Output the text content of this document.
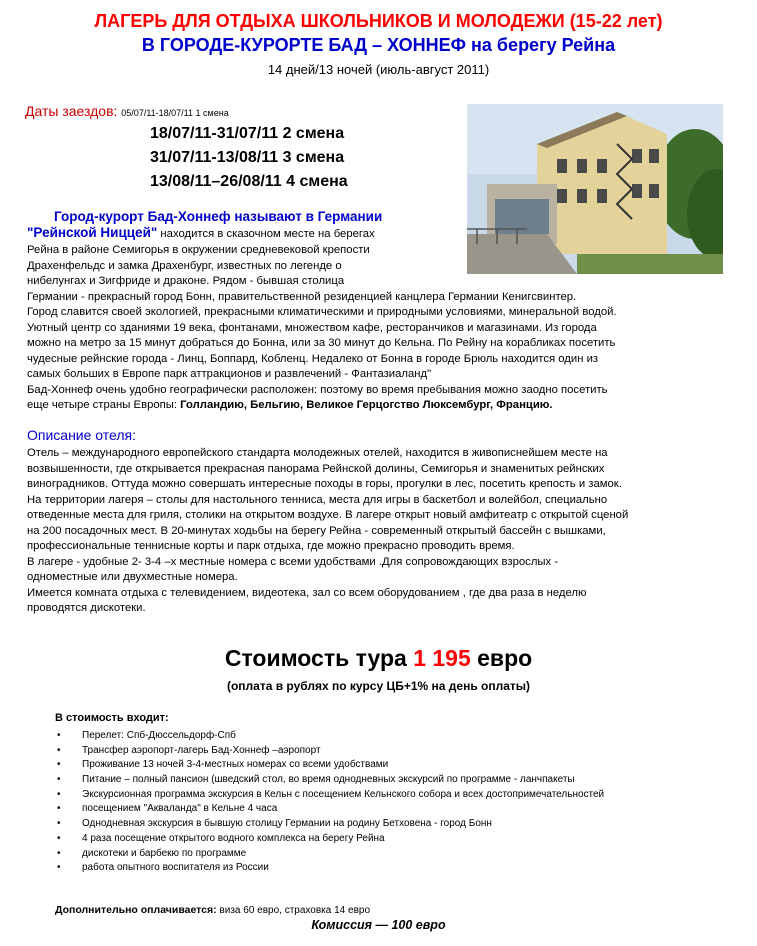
ЛАГЕРЬ ДЛЯ ОТДЫХА ШКОЛЬНИКОВ И МОЛОДЕЖИ (15-22 лет)
В ГОРОДЕ-КУРОРТЕ БАД – ХОННЕФ на берегу Рейна
14 дней/13 ночей (июль-август 2011)
Даты заездов: 05/07/11-18/07/11 1 смена
18/07/11-31/07/11 2 смена
31/07/11-13/08/11 3 смена
13/08/11–26/08/11 4 смена
Город-курорт Бад-Хоннеф называют в Германии
"Рейнской Ниццей" находится в сказочном месте на берегах
Рейна в районе Семигорья в окружении средневековой крепости
Драхенфельдс и замка Драхенбург, известных по легенде о
нибелунгах и Зигфриде и драконе. Рядом - бывшая столица
Германии - прекрасный город Бонн, правительственной резиденцией канцлера Германии Кенигсвинтер.
Город славится своей экологией, прекрасными климатическими и природными условиями, минеральной водой.
Уютный центр со зданиями 19 века, фонтанами, множеством кафе, ресторанчиков и магазинами. Из города
можно на метро за 15 минут добраться до Бонна, или за 30 минут до Кельна. По Рейну на корабликах посетить
чудесные рейнские города - Линц, Боппард, Кобленц. Недалеко от Бонна в городе Брюль находится один из
самых больших в Европе парк аттракционов и развлечений - Фантазиаланд"
Бад-Хоннеф очень удобно географически расположен: поэтому во время пребывания можно заодно посетить
еще четыре страны Европы: Голландию, Бельгию, Великое Герцогство Люксембург, Францию.
Описание отеля:
Отель – международного европейского стандарта молодежных отелей, находится в живописнейшем месте на
возвышенности, где открывается прекрасная панорама Рейнской долины, Семигорья и знаменитых рейнских
виноградников. Оттуда можно совершать интересные походы в горы, прогулки в лес, посетить крепость и замок.
На территории лагеря – столы для настольного тенниса, места для игры в баскетбол и волейбол, специально
отведенные места для гриля, столики на открытом воздухе. В лагере открыт новый амфитеатр с открытой сценой
на 200 посадочных мест. В 20-минутах ходьбы на берегу Рейна - современный открытый бассейн с вышками,
профессиональные теннисные корты и парк отдыха, где можно прекрасно проводить время.
В лагере - удобные 2- 3-4 –х местные номера с всеми удобствами .Для сопровождающих взрослых -
одноместные или двухместные номера.
Имеется комната отдыха с телевидением, видеотека, зал со всем оборудованием , где два раза в неделю
проводятся дискотеки.
Стоимость тура 1 195 евро
(оплата в рублях по курсу ЦБ+1% на день оплаты)
В стоимость входит:
• Перелет: Спб-Дюссельдорф-Спб
• Трансфер аэропорт-лагерь Бад-Хоннеф –аэропорт
• Проживание 13 ночей 3-4-местных номерах со всеми удобствами
• Питание – полный пансион (шведский стол, во время однодневных экскурсий по программе - ланчпакеты
• Экскурсионная программа экскурсия в Кельн с посещением Кельнского собора и всех достопримечательностей
• посещением "Акваланда" в Кельне 4 часа
• Однодневная экскурсия в бывшую столицу Германии на родину Бетховена - город Бонн
• 4 раза посещение открытого водного комплекса на берегу Рейна
• дискотеки и барбекю по программе
• работа опытного воспитателя из России
Дополнительно оплачивается: виза 60 евро, страховка 14 евро
Комиссия — 100 евро
